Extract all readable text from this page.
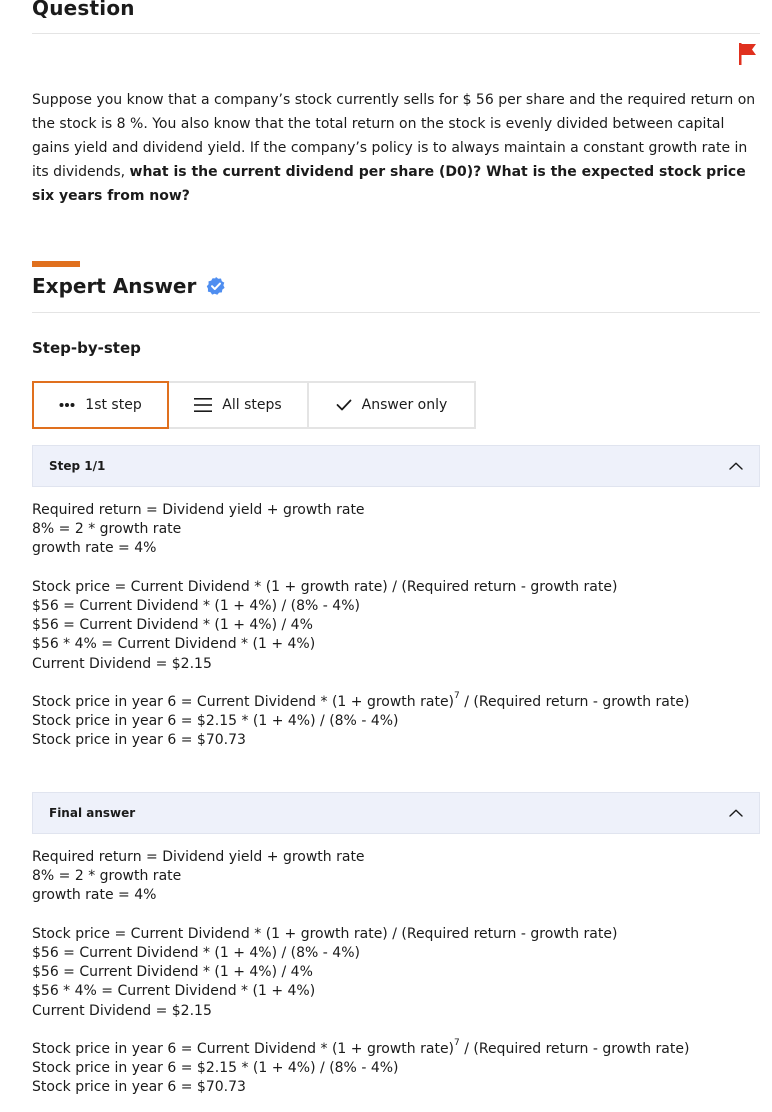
Question

Suppose you know that a company’s stock currently sells for $ 56 per share and the required return on the stock is 8 %. You also know that the total return on the stock is evenly divided between capital gains yield and dividend yield. If the company’s policy is to always maintain a constant growth rate in its dividends, what is the current dividend per share (D0)? What is the expected stock price six years from now?

Expert Answer
Step-by-step
1st step	All steps	Answer only
Step 1/1
Required return = Dividend yield + growth rate
8% = 2 * growth rate
growth rate = 4%
Stock price = Current Dividend * (1 + growth rate) / (Required return - growth rate)
$56 = Current Dividend * (1 + 4%) / (8% - 4%)
$56 = Current Dividend * (1 + 4%) / 4%
$56 * 4% = Current Dividend * (1 + 4%)
Current Dividend = $2.15
Stock price in year 6 = Current Dividend * (1 + growth rate)$^7$ / (Required return - growth rate)
Stock price in year 6 = $2.15 * (1 + 4%) / (8% - 4%)
Stock price in year 6 = $70.73
Final answer
Required return = Dividend yield + growth rate
8% = 2 * growth rate
growth rate = 4%
Stock price = Current Dividend * (1 + growth rate) / (Required return - growth rate)
$56 = Current Dividend * (1 + 4%) / (8% - 4%)
$56 = Current Dividend * (1 + 4%) / 4%
$56 * 4% = Current Dividend * (1 + 4%)
Current Dividend = $2.15
Stock price in year 6 = Current Dividend * (1 + growth rate)$^7$ / (Required return - growth rate)
Stock price in year 6 = $2.15 * (1 + 4%) / (8% - 4%)
Stock price in year 6 = $70.73
